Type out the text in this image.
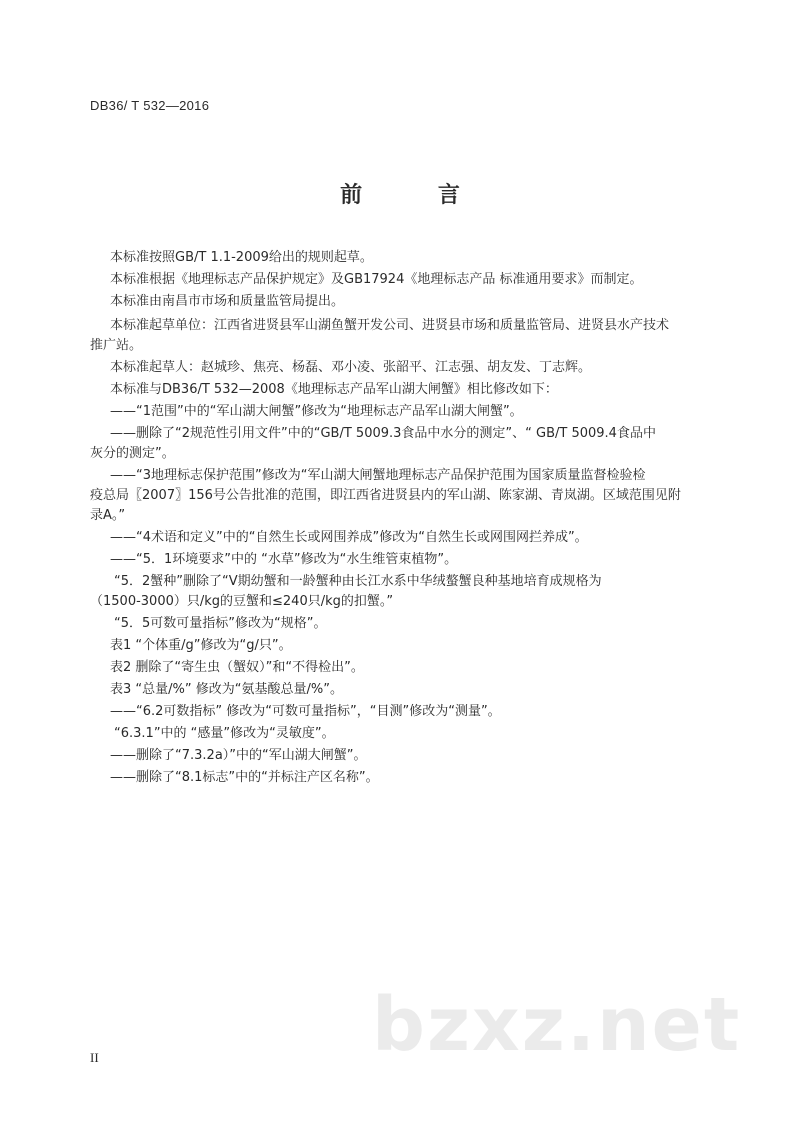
DB36/ T 532—2016
前 言
本标准按照GB/T 1.1-2009给出的规则起草。
本标准根据《地理标志产品保护规定》及GB17924《地理标志产品 标准通用要求》而制定。
本标准由南昌市市场和质量监管局提出。
本标准起草单位：江西省进贤县军山湖鱼蟹开发公司、进贤县市场和质量监管局、进贤县水产技术
推广站。
本标准起草人：赵城珍、焦亮、杨磊、邓小凌、张韶平、江志强、胡友发、丁志辉。
本标准与DB36/T 532—2008《地理标志产品军山湖大闸蟹》相比修改如下：
——“1范围”中的“军山湖大闸蟹”修改为“地理标志产品军山湖大闸蟹”。
——删除了“2规范性引用文件”中的“GB/T 5009.3食品中水分的测定”、“ GB/T 5009.4食品中
灰分的测定”。
——“3地理标志保护范围”修改为“军山湖大闸蟹地理标志产品保护范围为国家质量监督检验检
疫总局〖2007〗156号公告批准的范围，即江西省进贤县内的军山湖、陈家湖、青岚湖。区域范围见附
录A。”
——“4术语和定义”中的“自然生长或网围养成”修改为“自然生长或网围网拦养成”。
——“5．1环境要求”中的 “水草”修改为“水生维管束植物”。
“5．2蟹种”删除了“Ⅴ期幼蟹和一龄蟹种由长江水系中华绒螯蟹良种基地培育成规格为
（1500-3000）只/kg的豆蟹和≤240只/kg的扣蟹。”
“5．5可数可量指标”修改为“规格”。
表1 “个体重/g”修改为“g/只”。
表2 删除了“寄生虫（蟹奴）”和“不得检出”。
表3 “总量/%” 修改为“氨基酸总量/%”。
——“6.2可数指标” 修改为“可数可量指标”，“目测”修改为“测量”。
“6.3.1”中的 “感量”修改为“灵敏度”。
——删除了“7.3.2a）”中的“军山湖大闸蟹”。
——删除了“8.1标志”中的“并标注产区名称”。
bzxz.net
II
